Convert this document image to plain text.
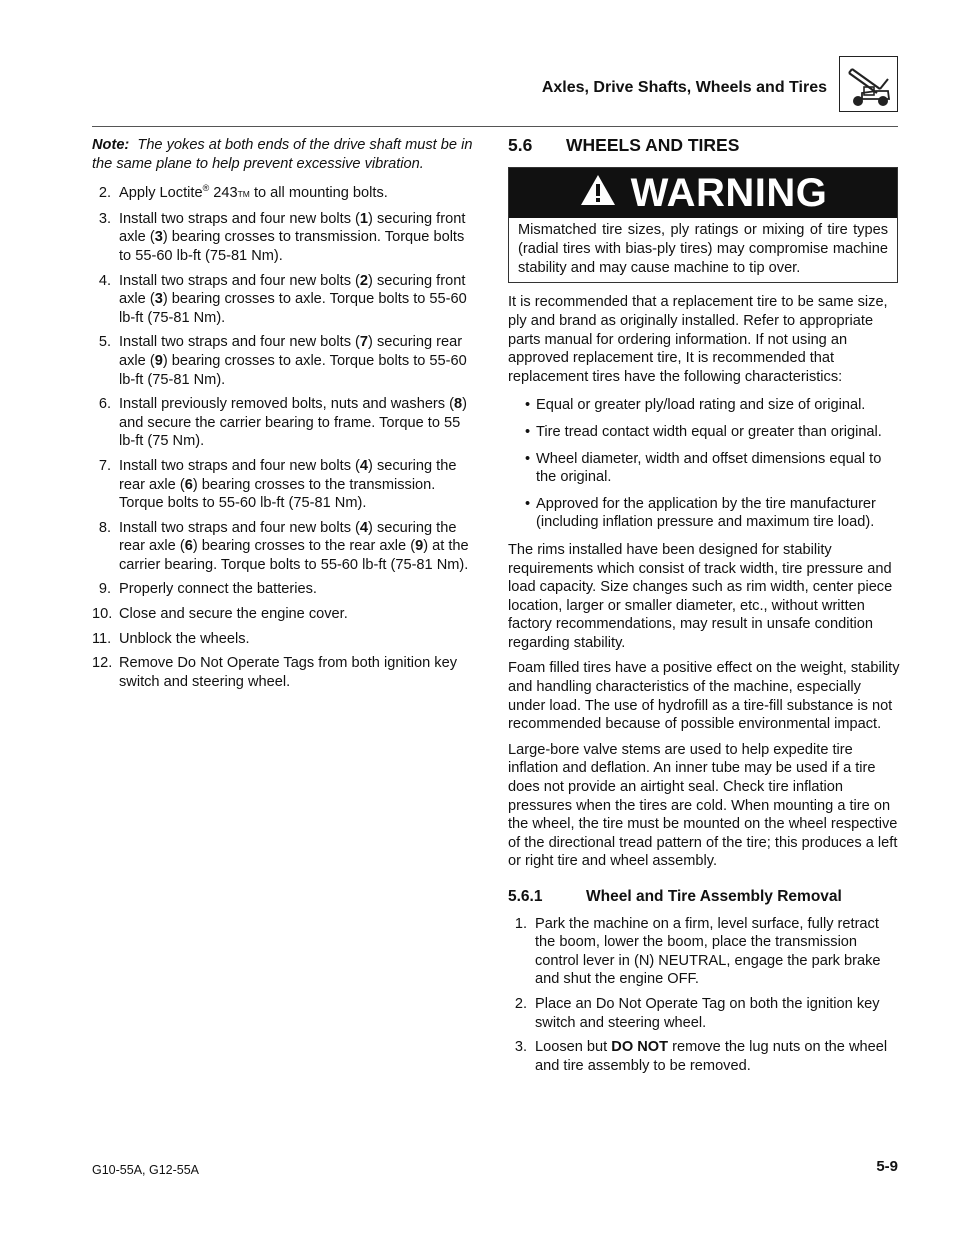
Axles, Drive Shafts, Wheels and Tires

Note: The yokes at both ends of the drive shaft must be in the same plane to help prevent excessive vibration.

2. Apply Loctite® 243TM to all mounting bolts.
3. Install two straps and four new bolts (1) securing front axle (3) bearing crosses to transmission. Torque bolts to 55-60 lb-ft (75-81 Nm).
4. Install two straps and four new bolts (2) securing front axle (3) bearing crosses to axle. Torque bolts to 55-60 lb-ft (75-81 Nm).
5. Install two straps and four new bolts (7) securing rear axle (9) bearing crosses to axle. Torque bolts to 55-60 lb-ft (75-81 Nm).
6. Install previously removed bolts, nuts and washers (8) and secure the carrier bearing to frame. Torque to 55 lb-ft (75 Nm).
7. Install two straps and four new bolts (4) securing the rear axle (6) bearing crosses to the transmission. Torque bolts to 55-60 lb-ft (75-81 Nm).
8. Install two straps and four new bolts (4) securing the rear axle (6) bearing crosses to the rear axle (9) at the carrier bearing. Torque bolts to 55-60 lb-ft (75-81 Nm).
9. Properly connect the batteries.
10. Close and secure the engine cover.
11. Unblock the wheels.
12. Remove Do Not Operate Tags from both ignition key switch and steering wheel.
5.6 WHEELS AND TIRES
WARNING
Mismatched tire sizes, ply ratings or mixing of tire types (radial tires with bias-ply tires) may compromise machine stability and may cause machine to tip over.

It is recommended that a replacement tire to be same size, ply and brand as originally installed. Refer to appropriate parts manual for ordering information. If not using an approved replacement tire, It is recommended that replacement tires have the following characteristics:

• Equal or greater ply/load rating and size of original.
• Tire tread contact width equal or greater than original.
• Wheel diameter, width and offset dimensions equal to the original.
• Approved for the application by the tire manufacturer (including inflation pressure and maximum tire load).

The rims installed have been designed for stability requirements which consist of track width, tire pressure and load capacity. Size changes such as rim width, center piece location, larger or smaller diameter, etc., without written factory recommendations, may result in unsafe condition regarding stability.

Foam filled tires have a positive effect on the weight, stability and handling characteristics of the machine, especially under load. The use of hydrofill as a tire-fill substance is not recommended because of possible environmental impact.

Large-bore valve stems are used to help expedite tire inflation and deflation. An inner tube may be used if a tire does not provide an airtight seal. Check tire inflation pressures when the tires are cold. When mounting a tire on the wheel, the tire must be mounted on the wheel respective of the directional tread pattern of the tire; this produces a left or right tire and wheel assembly.

5.6.1	Wheel and Tire Assembly Removal
1. Park the machine on a firm, level surface, fully retract the boom, lower the boom, place the transmission control lever in (N) NEUTRAL, engage the park brake and shut the engine OFF.
2. Place an Do Not Operate Tag on both the ignition key switch and steering wheel.
3. Loosen but DO NOT remove the lug nuts on the wheel and tire assembly to be removed.
G10-55A, G12-55A	5-9
